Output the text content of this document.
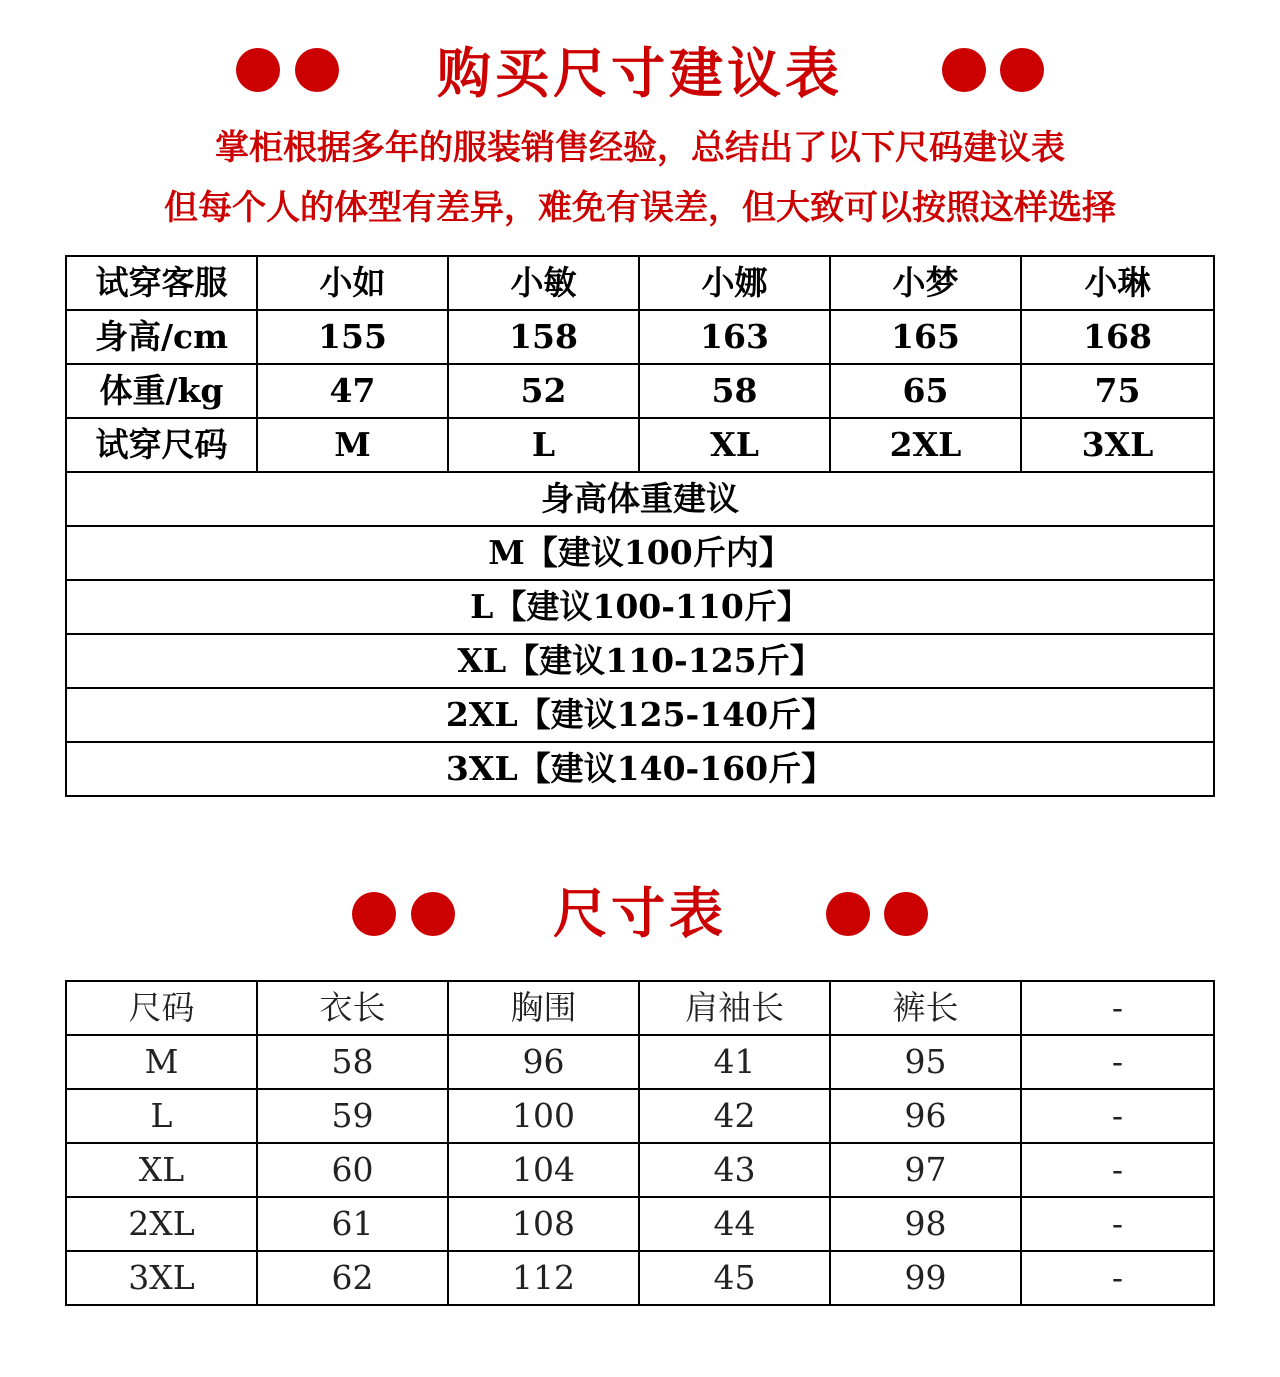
购买尺寸建议表
掌柜根据多年的服装销售经验，总结出了以下尺码建议表
但每个人的体型有差异，难免有误差，但大致可以按照这样选择
试穿客服	小如	小敏	小娜	小梦	小琳
身高/cm	155	158	163	165	168
体重/kg	47	52	58	65	75
试穿尺码	M	L	XL	2XL	3XL
身高体重建议					
M【建议100斤内】					
L【建议100-110斤】					
XL【建议110-125斤】					
2XL【建议125-140斤】					
3XL【建议140-160斤】					
尺寸表
尺码	衣长	胸围	肩袖长	裤长	-
M	58	96	41	95	-
L	59	100	42	96	-
XL	60	104	43	97	-
2XL	61	108	44	98	-
3XL	62	112	45	99	-
